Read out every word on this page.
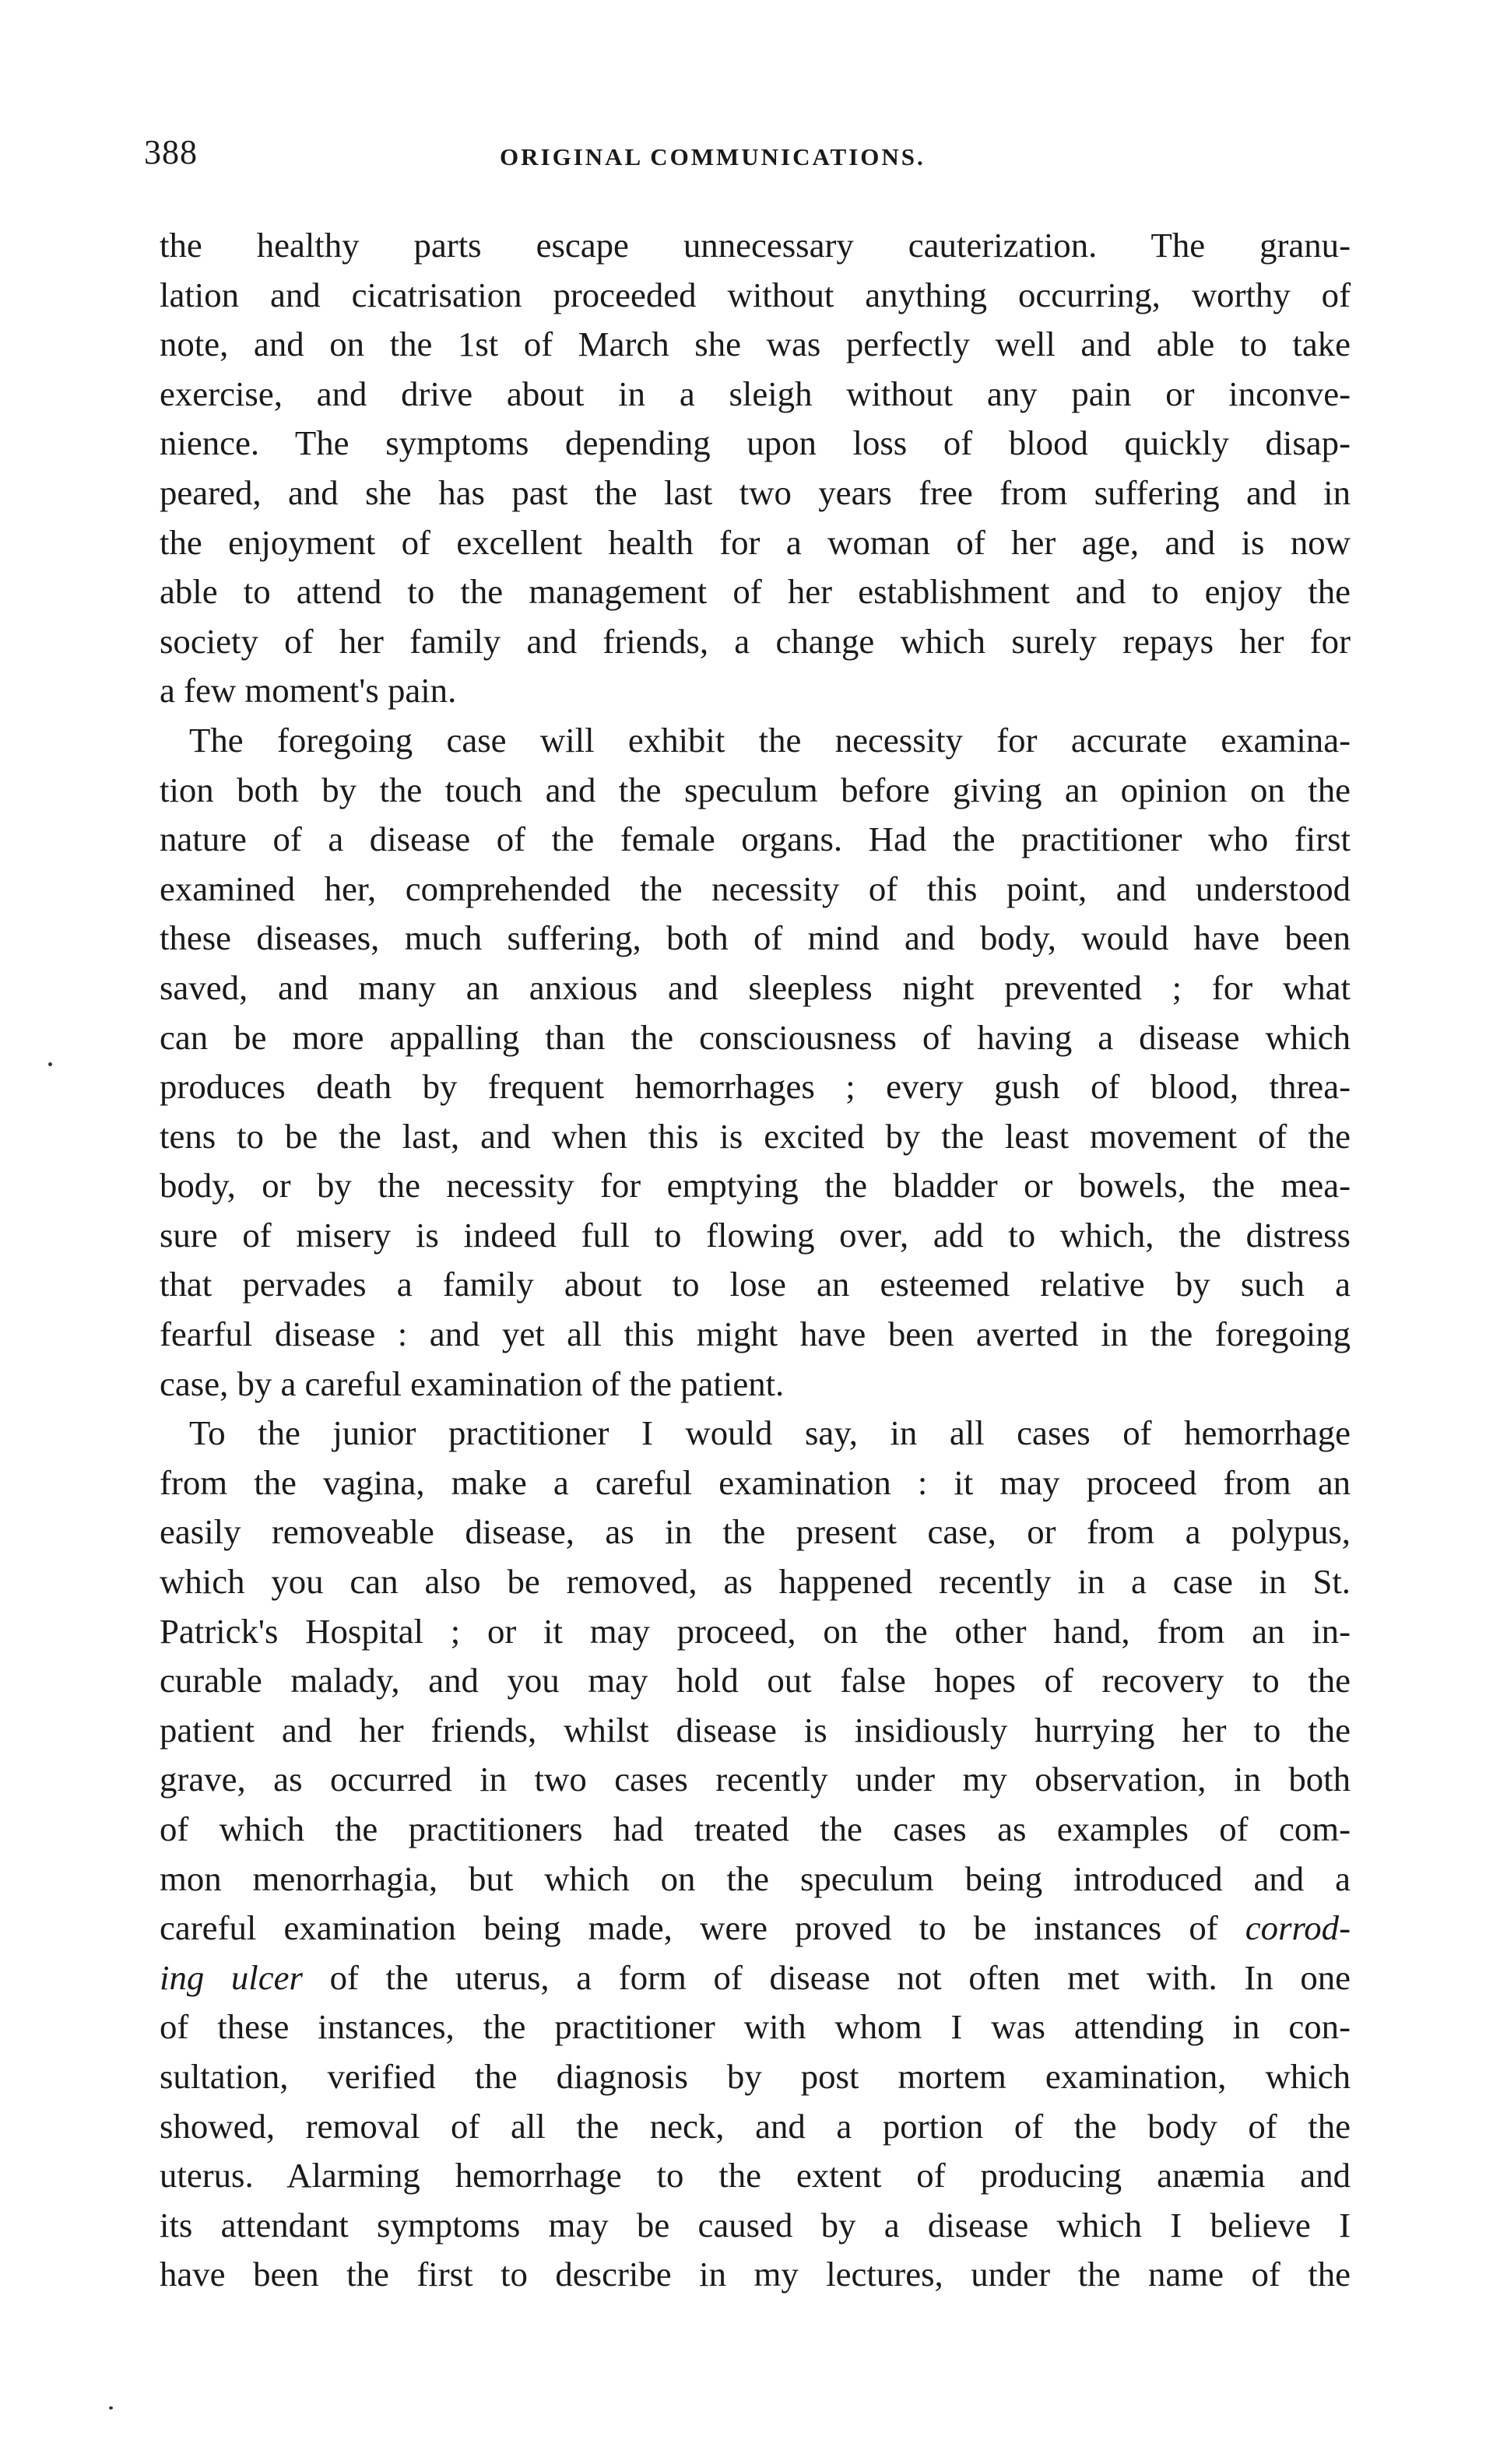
388	ORIGINAL COMMUNICATIONS.
the healthy parts escape unnecessary cauterization. The granu-
lation and cicatrisation proceeded without anything occurring, worthy of
note, and on the 1st of March she was perfectly well and able to take
exercise, and drive about in a sleigh without any pain or inconve-
nience. The symptoms depending upon loss of blood quickly disap-
peared, and she has past the last two years free from suffering and in
the enjoyment of excellent health for a woman of her age, and is now
able to attend to the management of her establishment and to enjoy the
society of her family and friends, a change which surely repays her for
a few moment's pain.
The foregoing case will exhibit the necessity for accurate examina-
tion both by the touch and the speculum before giving an opinion on the
nature of a disease of the female organs. Had the practitioner who first
examined her, comprehended the necessity of this point, and understood
these diseases, much suffering, both of mind and body, would have been
saved, and many an anxious and sleepless night prevented ; for what
can be more appalling than the consciousness of having a disease which
produces death by frequent hemorrhages ; every gush of blood, threa-
tens to be the last, and when this is excited by the least movement of the
body, or by the necessity for emptying the bladder or bowels, the mea-
sure of misery is indeed full to flowing over, add to which, the distress
that pervades a family about to lose an esteemed relative by such a
fearful disease : and yet all this might have been averted in the foregoing
case, by a careful examination of the patient.
To the junior practitioner I would say, in all cases of hemorrhage
from the vagina, make a careful examination : it may proceed from an
easily removeable disease, as in the present case, or from a polypus,
which you can also be removed, as happened recently in a case in St.
Patrick's Hospital ; or it may proceed, on the other hand, from an in-
curable malady, and you may hold out false hopes of recovery to the
patient and her friends, whilst disease is insidiously hurrying her to the
grave, as occurred in two cases recently under my observation, in both
of which the practitioners had treated the cases as examples of com-
mon menorrhagia, but which on the speculum being introduced and a
careful examination being made, were proved to be instances of corrod-
ing ulcer of the uterus, a form of disease not often met with. In one
of these instances, the practitioner with whom I was attending in con-
sultation, verified the diagnosis by post mortem examination, which
showed, removal of all the neck, and a portion of the body of the
uterus. Alarming hemorrhage to the extent of producing anæmia and
its attendant symptoms may be caused by a disease which I believe I
have been the first to describe in my lectures, under the name of the
